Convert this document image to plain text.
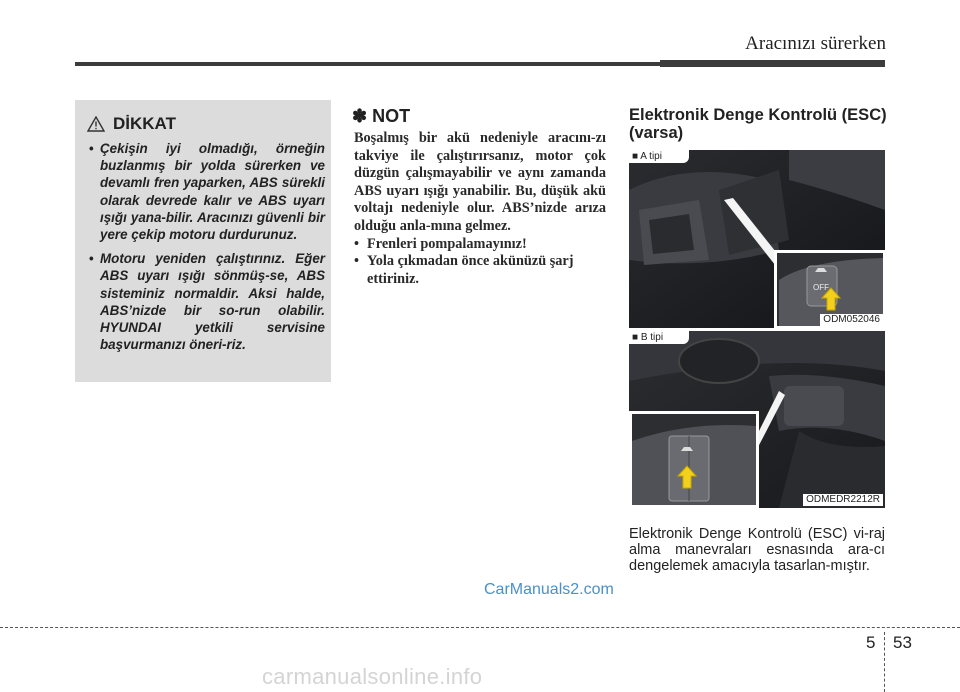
Aracınızı sürerken
DİKKAT
• Çekişin iyi olmadığı, örneğin buzlanmış bir yolda sürerken ve devamlı fren yaparken, ABS sürekli olarak devrede kalır ve ABS uyarı ışığı yana-bilir. Aracınızı güvenli bir yere çekip motoru durdurunuz.
• Motoru yeniden çalıştırınız. Eğer ABS uyarı ışığı sönmüş-se, ABS sisteminiz normaldir. Aksi halde, ABS’nizde bir so-run olabilir. HYUNDAI yetkili servisine başvurmanızı öneri-riz.
✽ NOT
Boşalmış bir akü nedeniyle aracını-zı takviye ile çalıştırırsanız, motor çok düzgün çalışmayabilir ve aynı zamanda ABS uyarı ışığı yanabilir. Bu, düşük akü voltajı nedeniyle olur. ABS’nizde arıza olduğu anla-mına gelmez.
• Frenleri pompalamayınız!
• Yola çıkmadan önce akünüzü şarj ettiriniz.
Elektronik Denge Kontrolü (ESC) (varsa)
OFF
■ A tipi
ODM052046
■ B tipi
ODMEDR2212R
Elektronik Denge Kontrolü (ESC) vi-raj alma manevraları esnasında ara-cı dengelemek amacıyla tasarlan-mıştır.
CarManuals2.com
5 53
carmanualsonline.info
